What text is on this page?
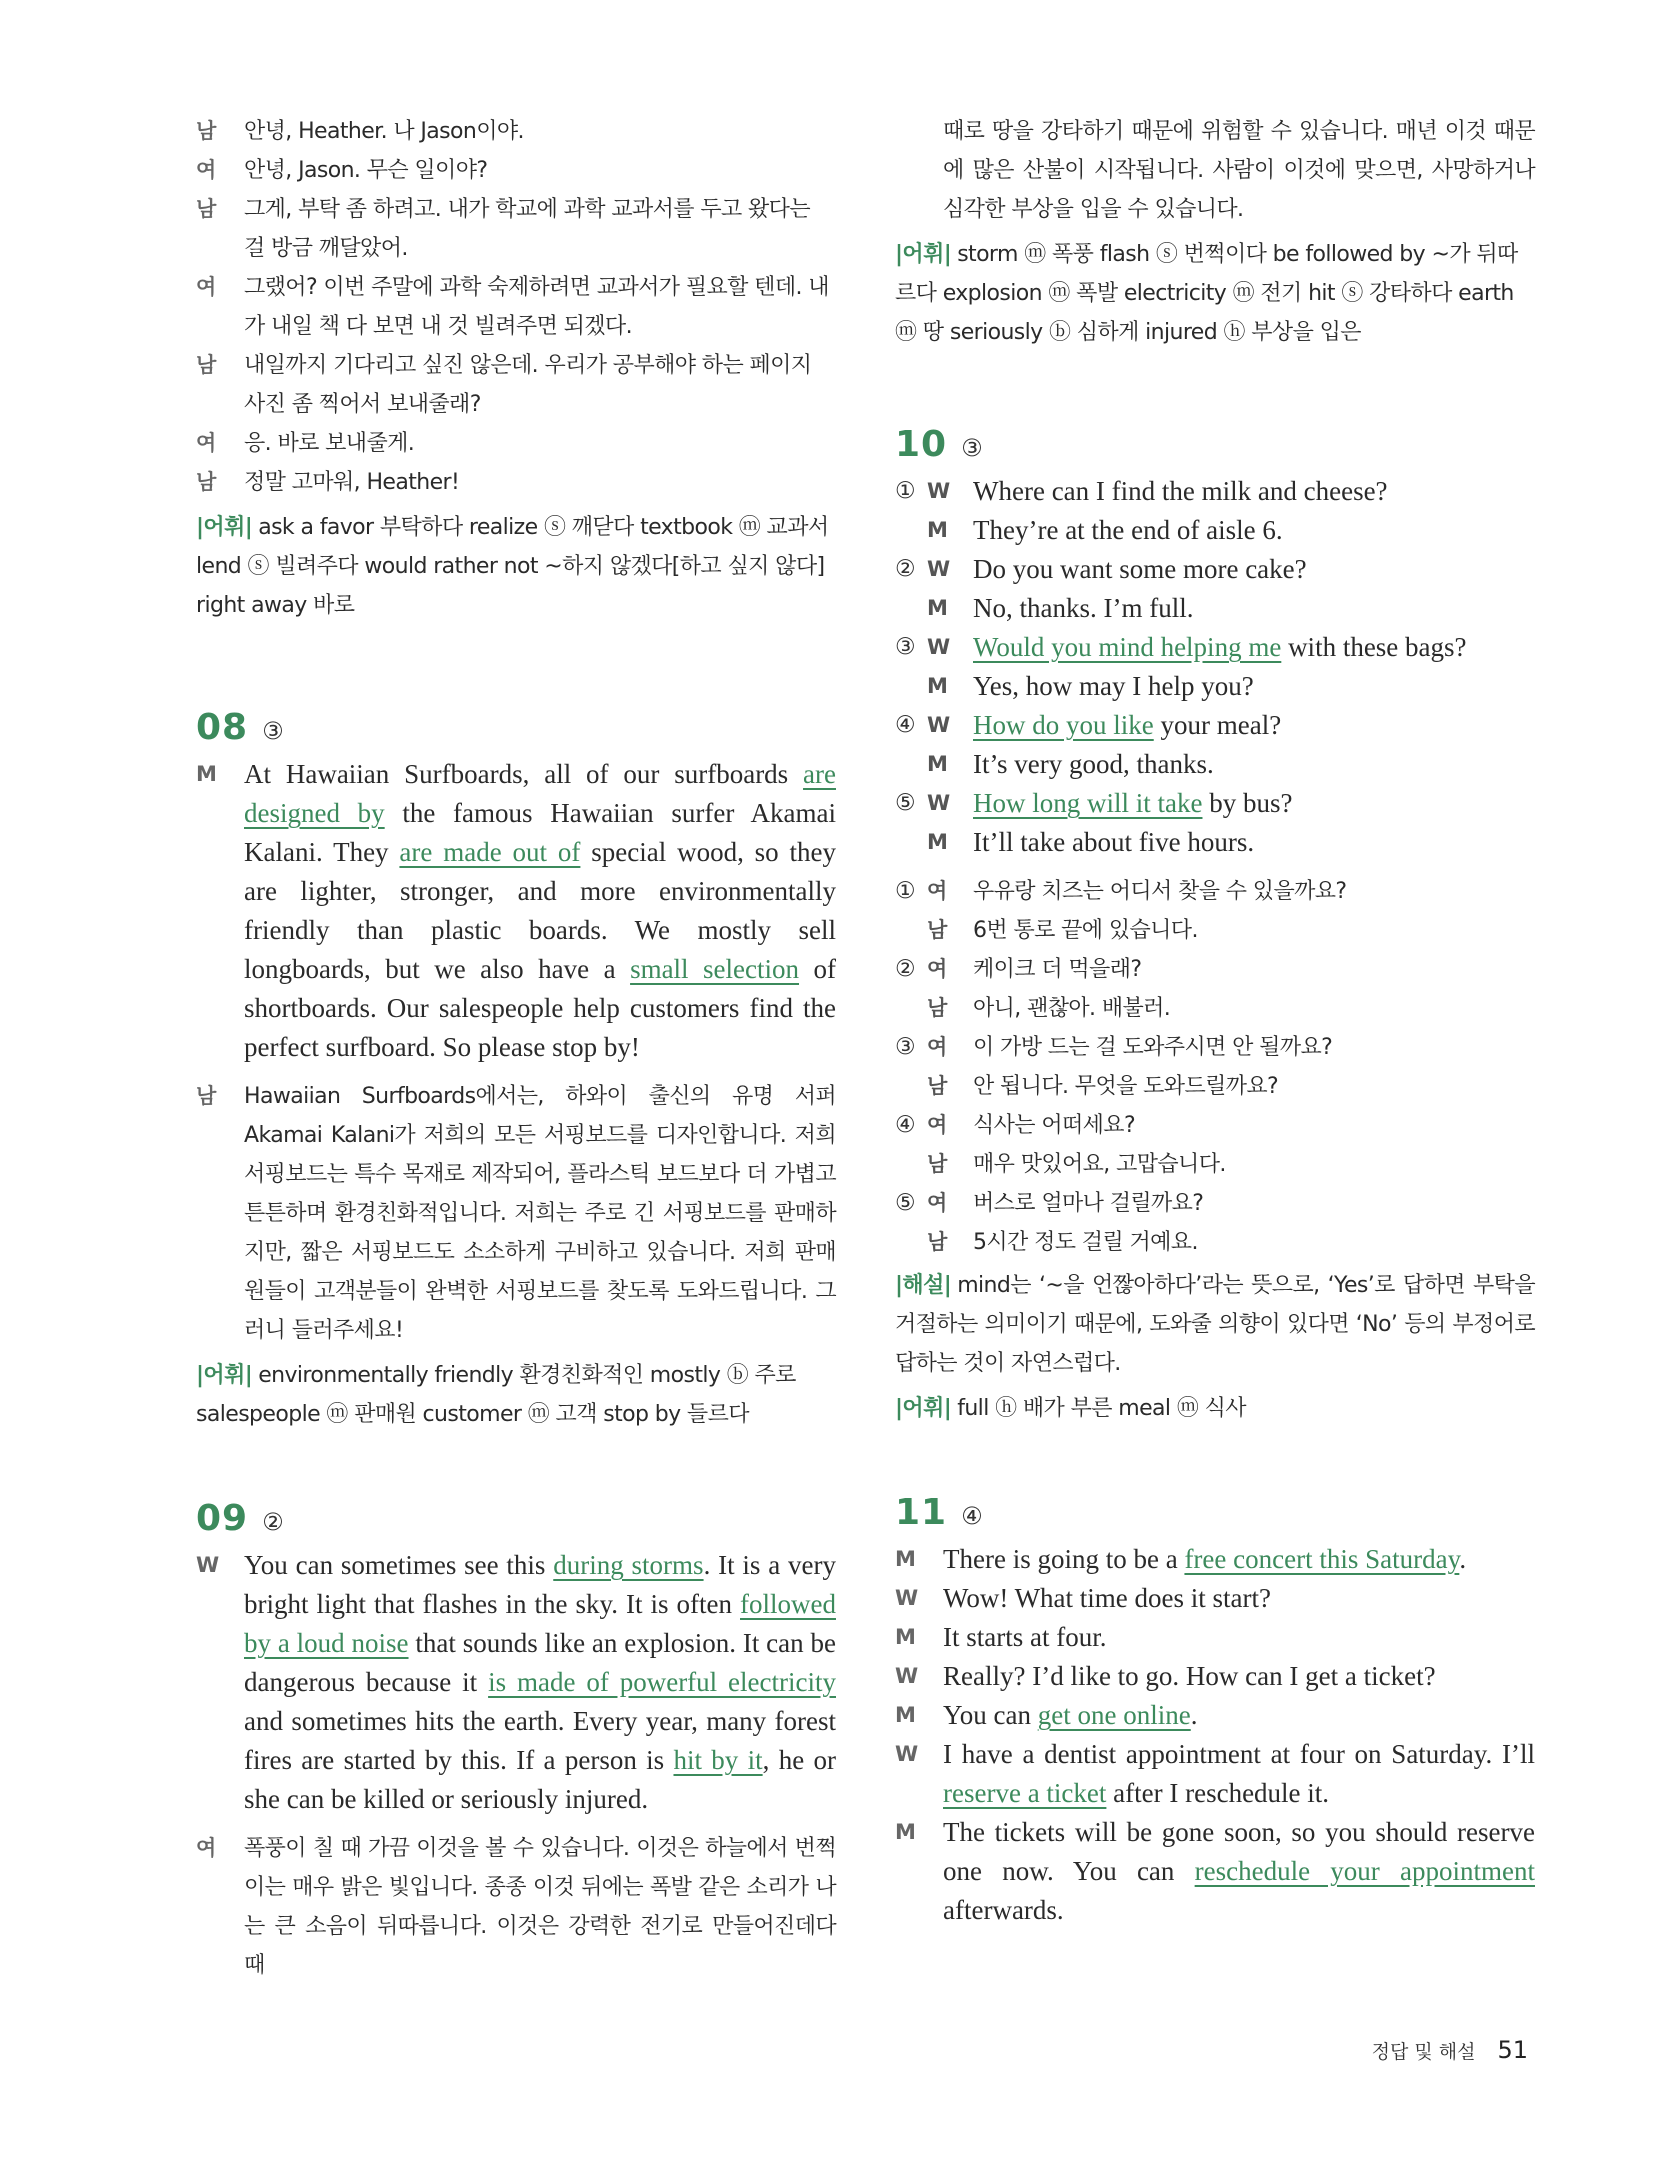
남 안녕, Heather. 나 Jason이야.
여 안녕, Jason. 무슨 일이야?
남 그게, 부탁 좀 하려고. 내가 학교에 과학 교과서를 두고 왔다는 걸 방금 깨달았어.
여 그랬어? 이번 주말에 과학 숙제하려면 교과서가 필요할 텐데. 내가 내일 책 다 보면 내 것 빌려주면 되겠다.
남 내일까지 기다리고 싶진 않은데. 우리가 공부해야 하는 페이지 사진 좀 찍어서 보내줄래?
여 응. 바로 보내줄게.
남 정말 고마워, Heather!
|어휘| ask a favor 부탁하다 realize ⓢ 깨닫다 textbook ⓜ 교과서 lend ⓢ 빌려주다 would rather not ~하지 않겠다[하고 싶지 않다] right away 바로
08 ③
M At Hawaiian Surfboards, all of our surfboards are designed by the famous Hawaiian surfer Akamai Kalani. They are made out of special wood, so they are lighter, stronger, and more environmentally friendly than plastic boards. We mostly sell longboards, but we also have a small selection of shortboards. Our salespeople help customers find the perfect surfboard. So please stop by!
남 Hawaiian Surfboards에서는, 하와이 출신의 유명 서퍼 Akamai Kalani가 저희의 모든 서핑보드를 디자인합니다. 저희 서핑보드는 특수 목재로 제작되어, 플라스틱 보드보다 더 가볍고 튼튼하며 환경친화적입니다. 저희는 주로 긴 서핑보드를 판매하지만, 짧은 서핑보드도 소소하게 구비하고 있습니다. 저희 판매원들이 고객분들이 완벽한 서핑보드를 찾도록 도와드립니다. 그러니 들러주세요!
|어휘| environmentally friendly 환경친화적인 mostly ⓑ 주로 salespeople ⓜ 판매원 customer ⓜ 고객 stop by 들르다
09 ②
W You can sometimes see this during storms. It is a very bright light that flashes in the sky. It is often followed by a loud noise that sounds like an explosion. It can be dangerous because it is made of powerful electricity and sometimes hits the earth. Every year, many forest fires are started by this. If a person is hit by it, he or she can be killed or seriously injured.
여 폭풍이 칠 때 가끔 이것을 볼 수 있습니다. 이것은 하늘에서 번쩍이는 매우 밝은 빛입니다. 종종 이것 뒤에는 폭발 같은 소리가 나는 큰 소음이 뒤따릅니다. 이것은 강력한 전기로 만들어진데다 때
때로 땅을 강타하기 때문에 위험할 수 있습니다. 매년 이것 때문에 많은 산불이 시작됩니다. 사람이 이것에 맞으면, 사망하거나 심각한 부상을 입을 수 있습니다.
|어휘| storm ⓜ 폭풍 flash ⓢ 번쩍이다 be followed by ~가 뒤따르다 explosion ⓜ 폭발 electricity ⓜ 전기 hit ⓢ 강타하다 earth ⓜ 땅 seriously ⓑ 심하게 injured ⓗ 부상을 입은
10 ③
① W Where can I find the milk and cheese?
M They’re at the end of aisle 6.
② W Do you want some more cake?
M No, thanks. I’m full.
③ W Would you mind helping me with these bags?
M Yes, how may I help you?
④ W How do you like your meal?
M It’s very good, thanks.
⑤ W How long will it take by bus?
M It’ll take about five hours.
① 여 우유랑 치즈는 어디서 찾을 수 있을까요?
남 6번 통로 끝에 있습니다.
② 여 케이크 더 먹을래?
남 아니, 괜찮아. 배불러.
③ 여 이 가방 드는 걸 도와주시면 안 될까요?
남 안 됩니다. 무엇을 도와드릴까요?
④ 여 식사는 어떠세요?
남 매우 맛있어요, 고맙습니다.
⑤ 여 버스로 얼마나 걸릴까요?
남 5시간 정도 걸릴 거예요.
|해설| mind는 ‘~을 언짢아하다’라는 뜻으로, ‘Yes’로 답하면 부탁을 거절하는 의미이기 때문에, 도와줄 의향이 있다면 ‘No’ 등의 부정어로 답하는 것이 자연스럽다.
|어휘| full ⓗ 배가 부른 meal ⓜ 식사
11 ④
M There is going to be a free concert this Saturday.
W Wow! What time does it start?
M It starts at four.
W Really? I’d like to go. How can I get a ticket?
M You can get one online.
W I have a dentist appointment at four on Saturday. I’ll reserve a ticket after I reschedule it.
M The tickets will be gone soon, so you should reserve one now. You can reschedule your appointment afterwards.
정답 및 해설 51
